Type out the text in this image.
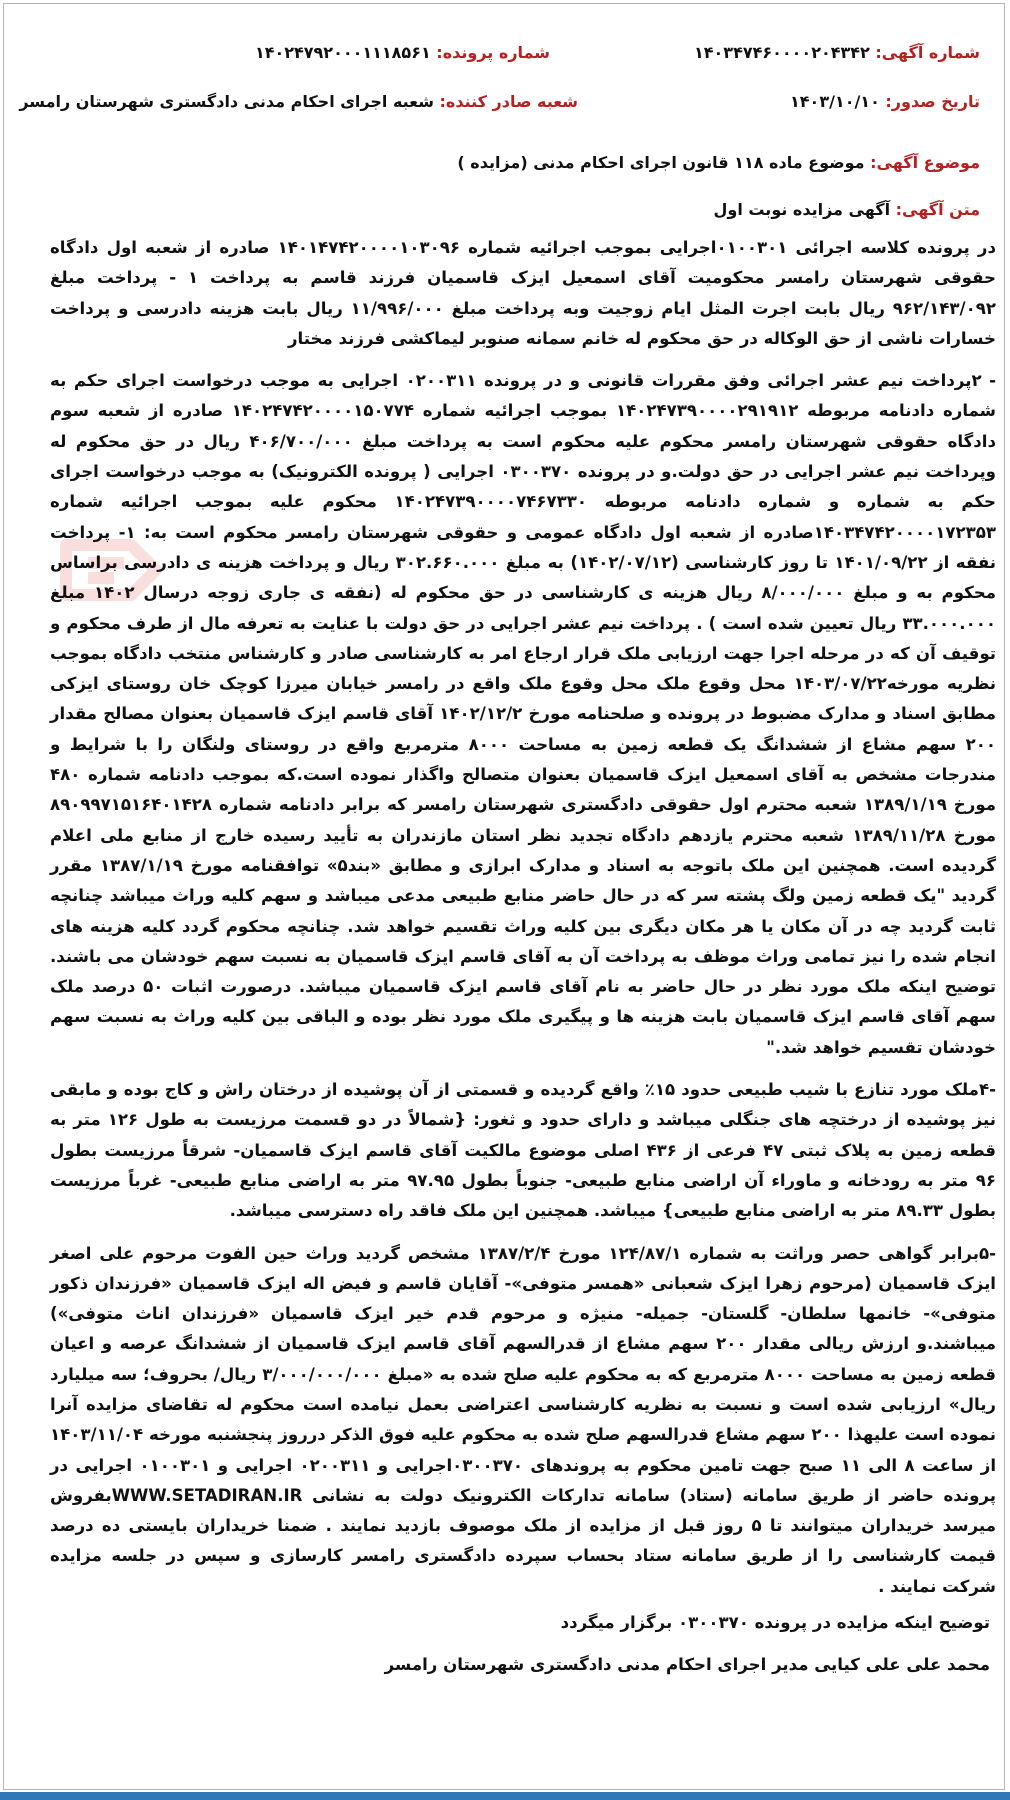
شماره آگهی: ۱۴۰۳۴۷۴۶۰۰۰۰۲۰۴۳۴۲
شماره پرونده: ۱۴۰۲۴۷۹۲۰۰۰۱۱۱۸۵۶۱
تاریخ صدور: ۱۴۰۳/۱۰/۱۰
شعبه صادر کننده: شعبه اجرای احکام مدنی دادگستری شهرستان رامسر
موضوع آگهی: موضوع ماده ۱۱۸ قانون اجرای احکام مدنی (مزایده )
متن آگهی: آگهی مزایده نوبت اول

در پرونده کلاسه اجرائی ۰۱۰۰۳۰۱اجرایی بموجب اجرائیه شماره ۱۴۰۱۴۷۴۲۰۰۰۰۱۰۳۰۹۶ صادره از شعبه اول دادگاه حقوقی شهرستان رامسر محکومیت آقای اسمعیل ایزک قاسمیان فرزند قاسم به پرداخت ۱ - پرداخت مبلغ ۹۶۲/۱۴۳/۰۹۲ ریال بابت اجرت المثل ایام زوجیت وبه پرداخت مبلغ ۱۱/۹۹۶/۰۰۰ ریال بابت هزینه دادرسی و پرداخت خسارات ناشی از حق الوکاله در حق محکوم له خانم سمانه صنوبر لیماکشی فرزند مختار

- ۲پرداخت نیم عشر اجرائی وفق مقررات قانونی و در پرونده ۰۲۰۰۳۱۱ اجرایی به موجب درخواست اجرای حکم به شماره دادنامه مربوطه ۱۴۰۲۴۷۳۹۰۰۰۰۲۹۱۹۱۲ بموجب اجرائیه شماره ۱۴۰۲۴۷۴۲۰۰۰۰۱۵۰۷۷۴ صادره از شعبه سوم دادگاه حقوقی شهرستان رامسر محکوم علیه محکوم است به پرداخت مبلغ ۴۰۶/۷۰۰/۰۰۰ ریال در حق محکوم له وپرداخت نیم عشر اجرایی در حق دولت.و در پرونده ۰۳۰۰۳۷۰ اجرایی ( پرونده الکترونیک) به موجب درخواست اجرای حکم به شماره و شماره دادنامه مربوطه ۱۴۰۲۴۷۳۹۰۰۰۰۷۴۶۷۳۳۰ محکوم علیه بموجب اجرائیه شماره ۱۴۰۳۴۷۴۲۰۰۰۰۱۷۲۳۵۳صادره از شعبه اول دادگاه عمومی و حقوقی شهرستان رامسر محکوم است به: ۱- پرداخت نفقه از ۱۴۰۱/۰۹/۲۲ تا روز کارشناسی (۱۴۰۲/۰۷/۱۲) به مبلغ ۳۰۲.۶۶۰.۰۰۰ ریال و پرداخت هزینه ی دادرسی براساس محکوم به و مبلغ ۸/۰۰۰/۰۰۰ ریال هزینه ی کارشناسی در حق محکوم له (نفقه ی جاری زوجه درسال ۱۴۰۲ مبلغ ۳۳.۰۰۰.۰۰۰ ریال تعیین شده است ) . پرداخت نیم عشر اجرایی در حق دولت با عنایت به تعرفه مال از طرف محکوم و توقیف آن که در مرحله اجرا جهت ارزیابی ملک قرار ارجاع امر به کارشناسی صادر و کارشناس منتخب دادگاه بموجب نظریه مورخه۱۴۰۳/۰۷/۲۲ محل وقوع ملک محل وقوع ملک واقع در رامسر خیابان میرزا کوچک خان روستای ایزکی مطابق اسناد و مدارک مضبوط در پرونده و صلحنامه مورخ ۱۴۰۲/۱۲/۲ آقای قاسم ایزک قاسمیان بعنوان مصالح مقدار ۲۰۰ سهم مشاع از ششدانگ یک قطعه زمین به مساحت ۸۰۰۰ مترمربع واقع در روستای ولنگان را با شرایط و مندرجات مشخص به آقای اسمعیل ایزک قاسمیان بعنوان متصالح واگذار نموده است.که بموجب دادنامه شماره ۴۸۰ مورخ ۱۳۸۹/۱/۱۹ شعبه محترم اول حقوقی دادگستری شهرستان رامسر که برابر دادنامه شماره ۸۹۰۹۹۷۱۵۱۶۴۰۱۴۲۸ مورخ ۱۳۸۹/۱۱/۲۸ شعبه محترم یازدهم دادگاه تجدید نظر استان مازندران به تأیید رسیده خارج از منابع ملی اعلام گردیده است. همچنین این ملک باتوجه به اسناد و مدارک ابرازی و مطابق «بند۵» توافقنامه مورخ ۱۳۸۷/۱/۱۹ مقرر گردید "یک قطعه زمین ولگ پشته سر که در حال حاضر منابع طبیعی مدعی میباشد و سهم کلیه وراث میباشد چنانچه ثابت گردید چه در آن مکان یا هر مکان دیگری بین کلیه وراث تقسیم خواهد شد. چنانچه محکوم گردد کلیه هزینه های انجام شده را نیز تمامی وراث موظف به پرداخت آن به آقای قاسم ایزک قاسمیان به نسبت سهم خودشان می باشند. توضیح اینکه ملک مورد نظر در حال حاضر به نام آقای قاسم ایزک قاسمیان میباشد. درصورت اثبات ۵۰ درصد ملک سهم آقای قاسم ایزک قاسمیان بابت هزینه ها و پیگیری ملک مورد نظر بوده و الباقی بین کلیه وراث به نسبت سهم خودشان تقسیم خواهد شد."

-۴ملک مورد تنازع با شیب طبیعی حدود ۱۵٪ واقع گردیده و قسمتی از آن پوشیده از درختان راش و کاج بوده و مابقی نیز پوشیده از درختچه های جنگلی میباشد و دارای حدود و ثغور: {شمالاً در دو قسمت مرزیست به طول ۱۲۶ متر به قطعه زمین به پلاک ثبتی ۴۷ فرعی از ۴۳۶ اصلی موضوع مالکیت آقای قاسم ایزک قاسمیان- شرقاً مرزیست بطول ۹۶ متر به رودخانه و ماوراء آن اراضی منابع طبیعی- جنوباً بطول ۹۷.۹۵ متر به اراضی منابع طبیعی- غرباً مرزیست بطول ۸۹.۳۳ متر به اراضی منابع طبیعی} میباشد. همچنین این ملک فاقد راه دسترسی میباشد.

-۵برابر گواهی حصر وراثت به شماره ۱۲۴/۸۷/۱ مورخ ۱۳۸۷/۲/۴ مشخص گردید وراث حین الفوت مرحوم علی اصغر ایزک قاسمیان (مرحوم زهرا ایزک شعبانی «همسر متوفی»- آقایان قاسم و فیض اله ایزک قاسمیان «فرزندان ذکور متوفی»- خانمها سلطان- گلستان- جمیله- منیژه و مرحوم قدم خیر ایزک قاسمیان «فرزندان اناث متوفی») میباشند.و ارزش ریالی مقدار ۲۰۰ سهم مشاع از قدرالسهم آقای قاسم ایزک قاسمیان از ششدانگ عرصه و اعیان قطعه زمین به مساحت ۸۰۰۰ مترمربع که به محکوم علیه صلح شده به «مبلغ ۳/۰۰۰/۰۰۰/۰۰۰ ریال/ بحروف؛ سه میلیارد ریال» ارزیابی شده است و نسبت به نظریه کارشناسی اعتراضی بعمل نیامده است محکوم له تقاضای مزایده آنرا نموده است علیهذا ۲۰۰ سهم مشاع قدرالسهم صلح شده به محکوم علیه فوق الذکر درروز پنجشنبه مورخه ۱۴۰۳/۱۱/۰۴ از ساعت ۸ الی ۱۱ صبح جهت تامین محکوم به پروندهای ۰۳۰۰۳۷۰اجرایی و ۰۲۰۰۳۱۱ اجرایی و ۰۱۰۰۳۰۱ اجرایی در پرونده حاضر از طریق سامانه (ستاد) سامانه تدارکات الکترونیک دولت به نشانی WWW.SETADIRAN.IRبفروش میرسد خریداران میتوانند تا ۵ روز قبل از مزایده از ملک موصوف بازدید نمایند . ضمنا خریداران بایستی ده درصد قیمت کارشناسی را از طریق سامانه ستاد بحساب سپرده دادگستری رامسر کارسازی و سپس در جلسه مزایده شرکت نمایند .

توضیح اینکه مزایده در پرونده ۰۳۰۰۳۷۰ برگزار میگردد
محمد علی علی کیایی مدیر اجرای احکام مدنی دادگستری شهرستان رامسر
